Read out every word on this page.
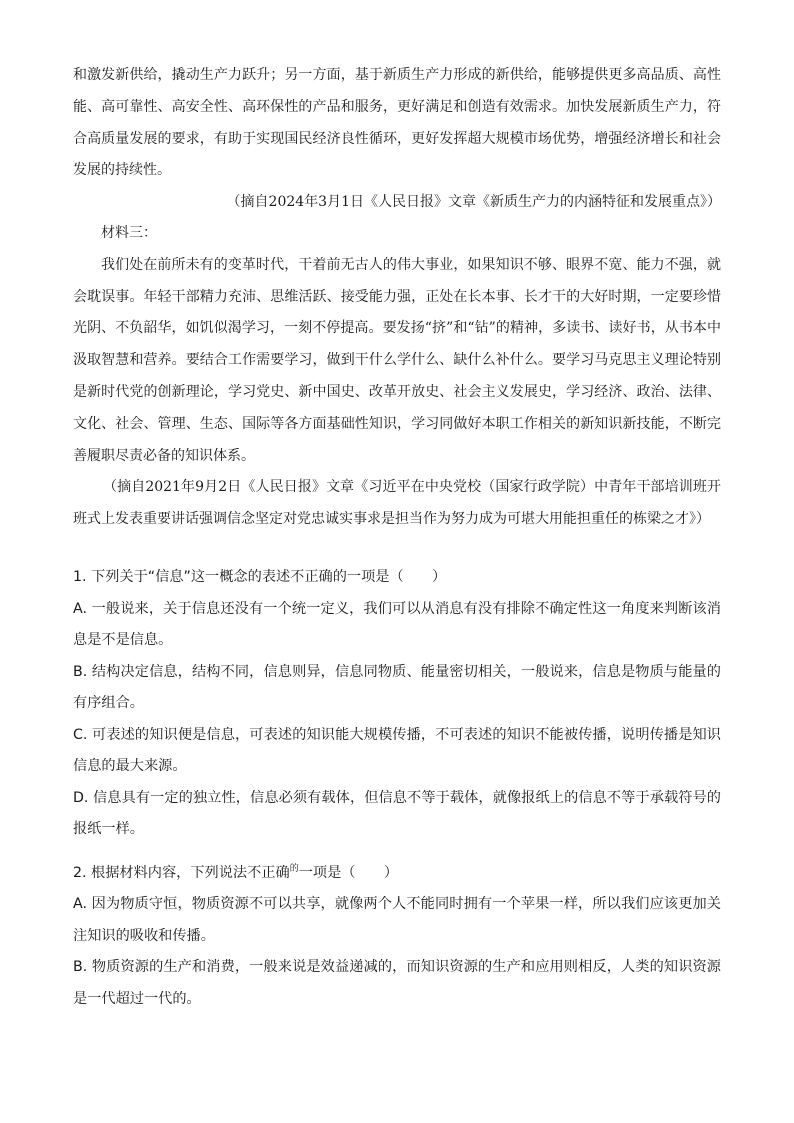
和激发新供给，撬动生产力跃升；另一方面，基于新质生产力形成的新供给，能够提供更多高品质、高性能、高可靠性、高安全性、高环保性的产品和服务，更好满足和创造有效需求。加快发展新质生产力，符合高质量发展的要求，有助于实现国民经济良性循环，更好发挥超大规模市场优势，增强经济增长和社会发展的持续性。

（摘自2024年3月1日《人民日报》文章《新质生产力的内涵特征和发展重点》）

材料三：

我们处在前所未有的变革时代，干着前无古人的伟大事业，如果知识不够、眼界不宽、能力不强，就会耽误事。年轻干部精力充沛、思维活跃、接受能力强，正处在长本事、长才干的大好时期，一定要珍惜光阴、不负韶华，如饥似渴学习，一刻不停提高。要发扬“挤”和“钻”的精神，多读书、读好书，从书本中汲取智慧和营养。要结合工作需要学习，做到干什么学什么、缺什么补什么。要学习马克思主义理论特别是新时代党的创新理论，学习党史、新中国史、改革开放史、社会主义发展史，学习经济、政治、法律、文化、社会、管理、生态、国际等各方面基础性知识，学习同做好本职工作相关的新知识新技能，不断完善履职尽责必备的知识体系。

（摘自2021年9月2日《人民日报》文章《习近平在中央党校（国家行政学院）中青年干部培训班开班式上发表重要讲话强调信念坚定对党忠诚实事求是担当作为努力成为可堪大用能担重任的栋梁之才》）

1. 下列关于“信息”这一概念的表述不正确的一项是（　　）

A. 一般说来，关于信息还没有一个统一定义，我们可以从消息有没有排除不确定性这一角度来判断该消息是不是信息。

B. 结构决定信息，结构不同，信息则异，信息同物质、能量密切相关，一般说来，信息是物质与能量的有序组合。

C. 可表述的知识便是信息，可表述的知识能大规模传播，不可表述的知识不能被传播，说明传播是知识信息的最大来源。

D. 信息具有一定的独立性，信息必须有载体，但信息不等于载体，就像报纸上的信息不等于承载符号的报纸一样。

2. 根据材料内容，下列说法不正确$^的$一项是（　　）

A. 因为物质守恒，物质资源不可以共享，就像两个人不能同时拥有一个苹果一样，所以我们应该更加关注知识的吸收和传播。

B. 物质资源的生产和消费，一般来说是效益递减的，而知识资源的生产和应用则相反，人类的知识资源是一代超过一代的。
